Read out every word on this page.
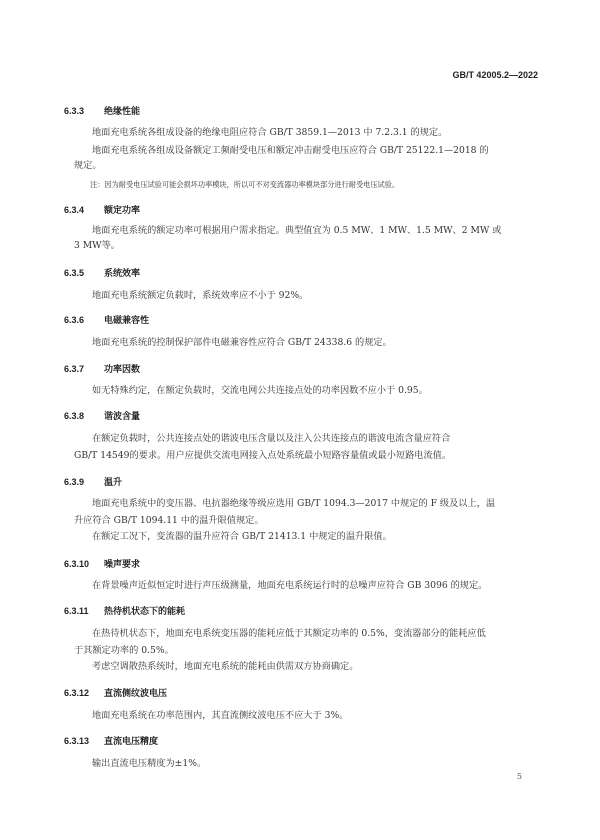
GB/T 42005.2—2022
6.3.3 绝缘性能
地面充电系统各组成设备的绝缘电阻应符合 GB/T 3859.1—2013 中 7.2.3.1 的规定。
地面充电系统各组成设备额定工频耐受电压和额定冲击耐受电压应符合 GB/T 25122.1—2018 的
规定。
注：因为耐受电压试验可能会损坏功率模块，所以可不对变流器功率模块部分进行耐受电压试验。
6.3.4 额定功率
地面充电系统的额定功率可根据用户需求指定。典型值宜为 0.5 MW、1 MW、1.5 MW、2 MW 或
3 MW等。
6.3.5 系统效率
地面充电系统额定负载时，系统效率应不小于 92%。
6.3.6 电磁兼容性
地面充电系统的控制保护部件电磁兼容性应符合 GB/T 24338.6 的规定。
6.3.7 功率因数
如无特殊约定，在额定负载时，交流电网公共连接点处的功率因数不应小于 0.95。
6.3.8 谐波含量
在额定负载时，公共连接点处的谐波电压含量以及注入公共连接点的谐波电流含量应符合
GB/T 14549的要求。用户应提供交流电网接入点处系统最小短路容量值或最小短路电流值。
6.3.9 温升
地面充电系统中的变压器、电抗器绝缘等级应选用 GB/T 1094.3—2017 中规定的 F 级及以上，温
升应符合 GB/T 1094.11 中的温升限值规定。
在额定工况下，变流器的温升应符合 GB/T 21413.1 中规定的温升限值。
6.3.10 噪声要求
在背景噪声近似恒定时进行声压级测量，地面充电系统运行时的总噪声应符合 GB 3096 的规定。
6.3.11 热待机状态下的能耗
在热待机状态下，地面充电系统变压器的能耗应低于其额定功率的 0.5%，变流器部分的能耗应低
于其额定功率的 0.5%。
考虑空调散热系统时，地面充电系统的能耗由供需双方协商确定。
6.3.12 直流侧纹波电压
地面充电系统在功率范围内，其直流侧纹波电压不应大于 3%。
6.3.13 直流电压精度
输出直流电压精度为±1%。
5
